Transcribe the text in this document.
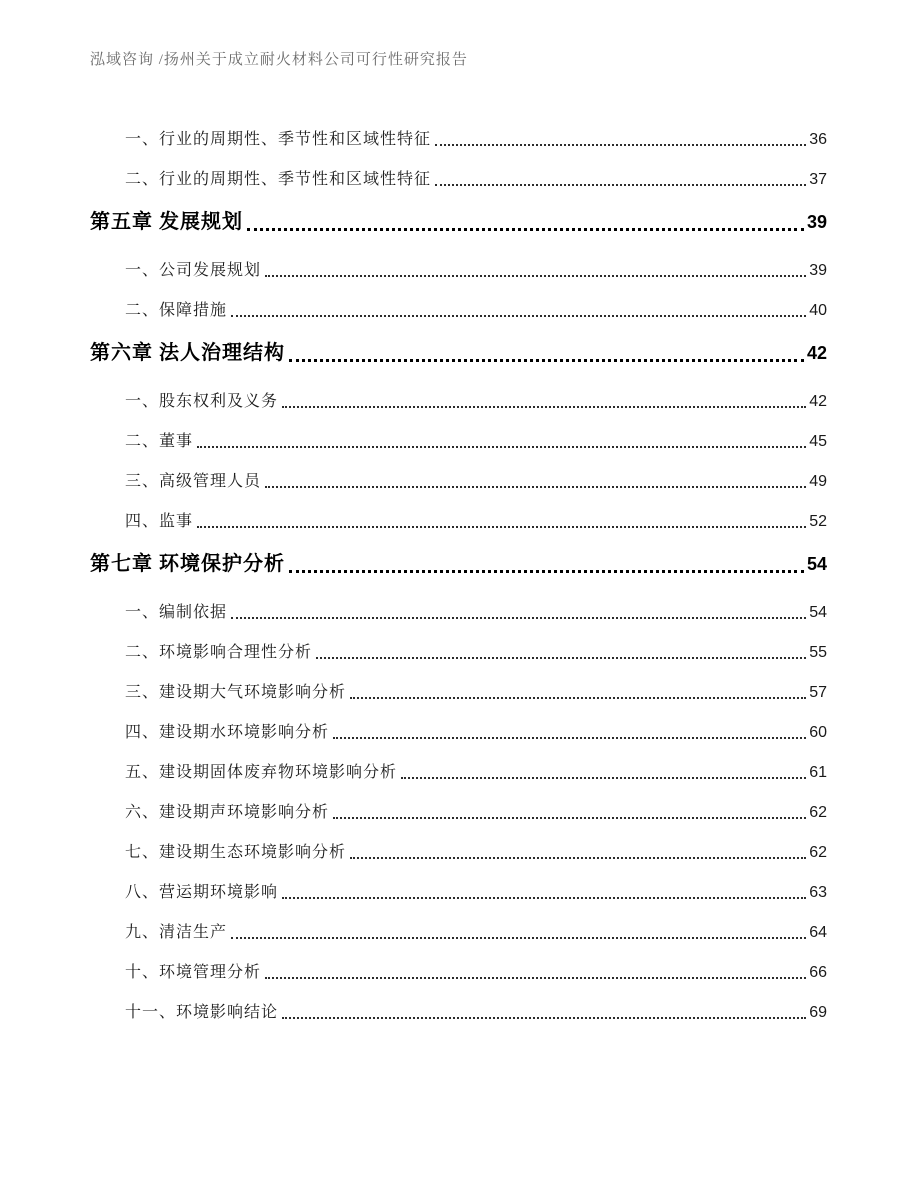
泓域咨询 /扬州关于成立耐火材料公司可行性研究报告
一、行业的周期性、季节性和区域性特征	36
二、行业的周期性、季节性和区域性特征	37
第五章 发展规划	39
一、公司发展规划	39
二、保障措施	40
第六章 法人治理结构	42
一、股东权利及义务	42
二、董事	45
三、高级管理人员	49
四、监事	52
第七章 环境保护分析	54
一、编制依据	54
二、环境影响合理性分析	55
三、建设期大气环境影响分析	57
四、建设期水环境影响分析	60
五、建设期固体废弃物环境影响分析	61
六、建设期声环境影响分析	62
七、建设期生态环境影响分析	62
八、营运期环境影响	63
九、清洁生产	64
十、环境管理分析	66
十一、环境影响结论	69
